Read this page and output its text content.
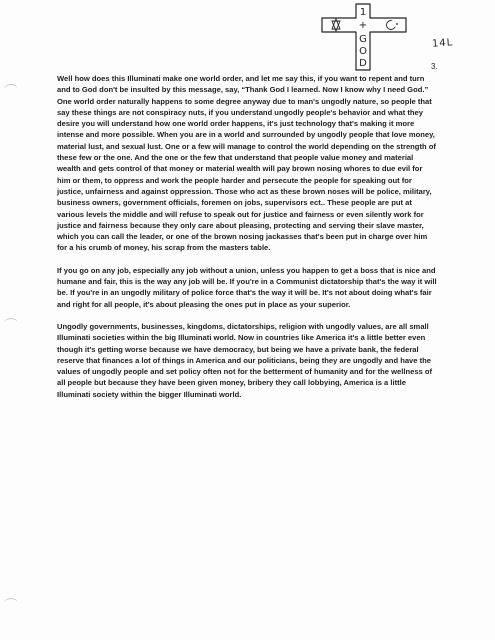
1
+
G
O
D
14L
3.

Well how does this Illuminati make one world order, and let me say this, if you want to repent and turn and to God don't be insulted by this message, say, “Thank God I learned. Now I know why I need God.” One world order naturally happens to some degree anyway due to man's ungodly nature, so people that say these things are not conspiracy nuts, if you understand ungodly people's behavior and what they desire you will understand how one world order happens, it's just technology that's making it more intense and more possible. When you are in a world and surrounded by ungodly people that love money, material lust, and sexual lust. One or a few will manage to control the world depending on the strength of these few or the one. And the one or the few that understand that people value money and material wealth and gets control of that money or material wealth will pay brown nosing whores to due evil for him or them, to oppress and work the people harder and persecute the people for speaking out for justice, unfairness and against oppression. Those who act as these brown noses will be police, military, business owners, government officials, foremen on jobs, supervisors ect.. These people are put at various levels the middle and will refuse to speak out for justice and fairness or even silently work for justice and fairness because they only care about pleasing, protecting and serving their slave master, which you can call the leader, or one of the brown nosing jackasses that's been put in charge over him for a his crumb of money, his scrap from the masters table.

If you go on any job, especially any job without a union, unless you happen to get a boss that is nice and humane and fair, this is the way any job will be. If you're in a Communist dictatorship that's the way it will be. If you're in an ungodly military of police force that's the way it will be. It's not about doing what's fair and right for all people, it's about pleasing the ones put in place as your superior.

Ungodly governments, businesses, kingdoms, dictatorships, religion with ungodly values, are all small Illuminati societies within the big Illuminati world. Now in countries like America it's a little better even though it's getting worse because we have democracy, but being we have a private bank, the federal reserve that finances a lot of things in America and our politicians, being they are ungodly and have the values of ungodly people and set policy often not for the betterment of humanity and for the wellness of all people but because they have been given money, bribery they call lobbying, America is a little Illuminati society within the bigger Illuminati world.
